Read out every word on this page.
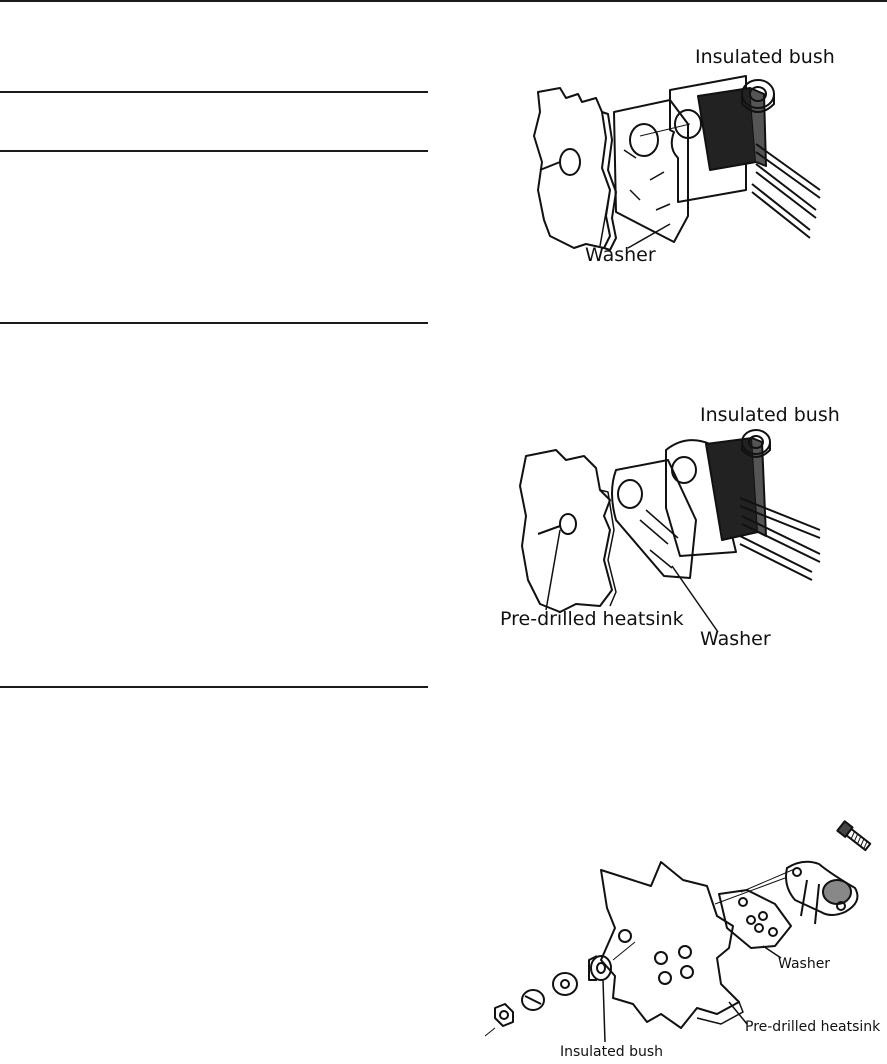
Insulated bush
Washer
Insulated bush
Pre-drilled heatsink
Washer
Washer
Pre-drilled heatsink
Insulated bush
